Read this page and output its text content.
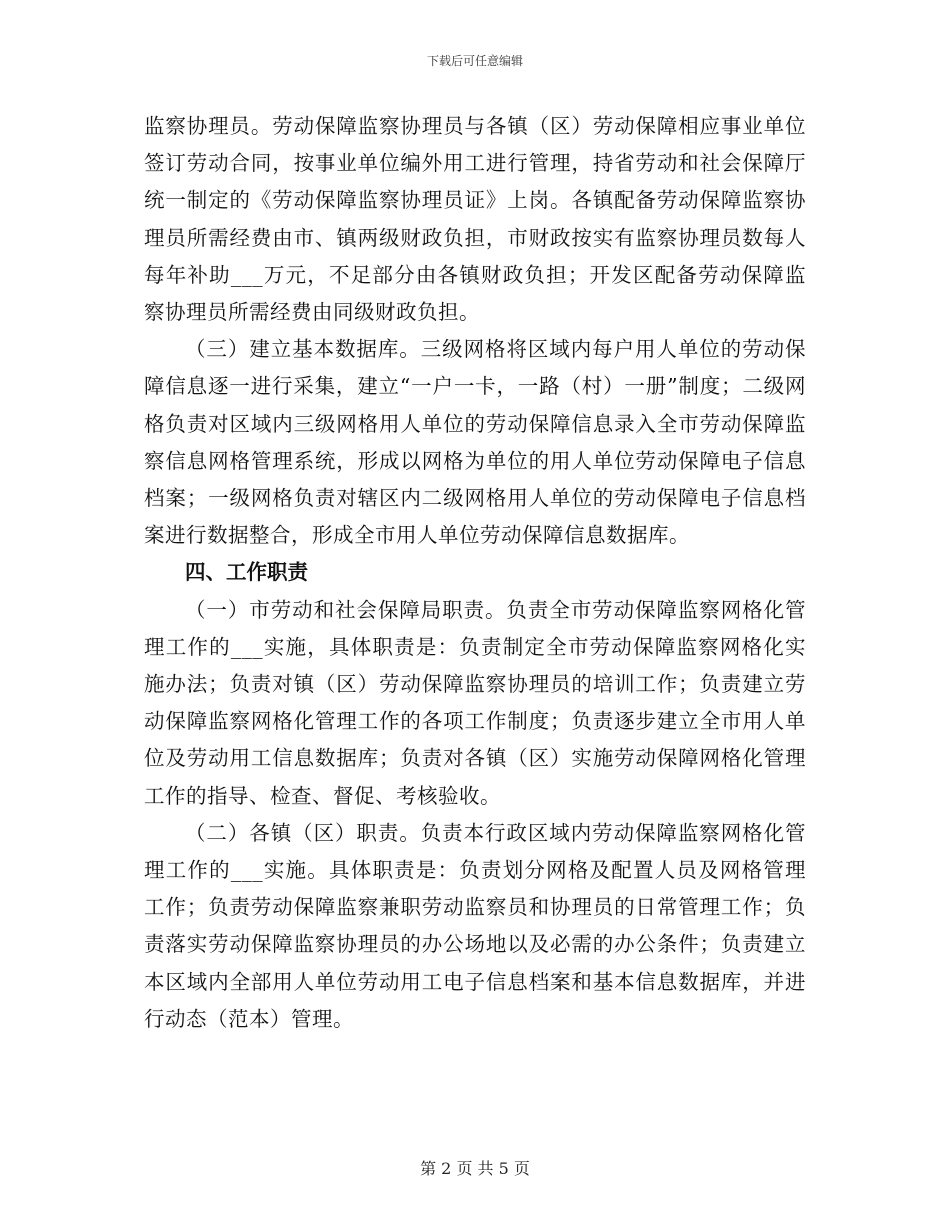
下载后可任意编辑

监察协理员。劳动保障监察协理员与各镇（区）劳动保障相应事业单位签订劳动合同，按事业单位编外用工进行管理，持省劳动和社会保障厅统一制定的《劳动保障监察协理员证》上岗。各镇配备劳动保障监察协理员所需经费由市、镇两级财政负担，市财政按实有监察协理员数每人每年补助___万元，不足部分由各镇财政负担；开发区配备劳动保障监察协理员所需经费由同级财政负担。

（三）建立基本数据库。三级网格将区域内每户用人单位的劳动保障信息逐一进行采集，建立“一户一卡，一路（村）一册”制度；二级网格负责对区域内三级网格用人单位的劳动保障信息录入全市劳动保障监察信息网格管理系统，形成以网格为单位的用人单位劳动保障电子信息档案；一级网格负责对辖区内二级网格用人单位的劳动保障电子信息档案进行数据整合，形成全市用人单位劳动保障信息数据库。

四、工作职责

（一）市劳动和社会保障局职责。负责全市劳动保障监察网格化管理工作的___实施，具体职责是：负责制定全市劳动保障监察网格化实施办法；负责对镇（区）劳动保障监察协理员的培训工作；负责建立劳动保障监察网格化管理工作的各项工作制度；负责逐步建立全市用人单位及劳动用工信息数据库；负责对各镇（区）实施劳动保障网格化管理工作的指导、检查、督促、考核验收。

（二）各镇（区）职责。负责本行政区域内劳动保障监察网格化管理工作的___实施。具体职责是：负责划分网格及配置人员及网格管理工作；负责劳动保障监察兼职劳动监察员和协理员的日常管理工作；负责落实劳动保障监察协理员的办公场地以及必需的办公条件；负责建立本区域内全部用人单位劳动用工电子信息档案和基本信息数据库，并进行动态（范本）管理。

第 2 页 共 5 页
